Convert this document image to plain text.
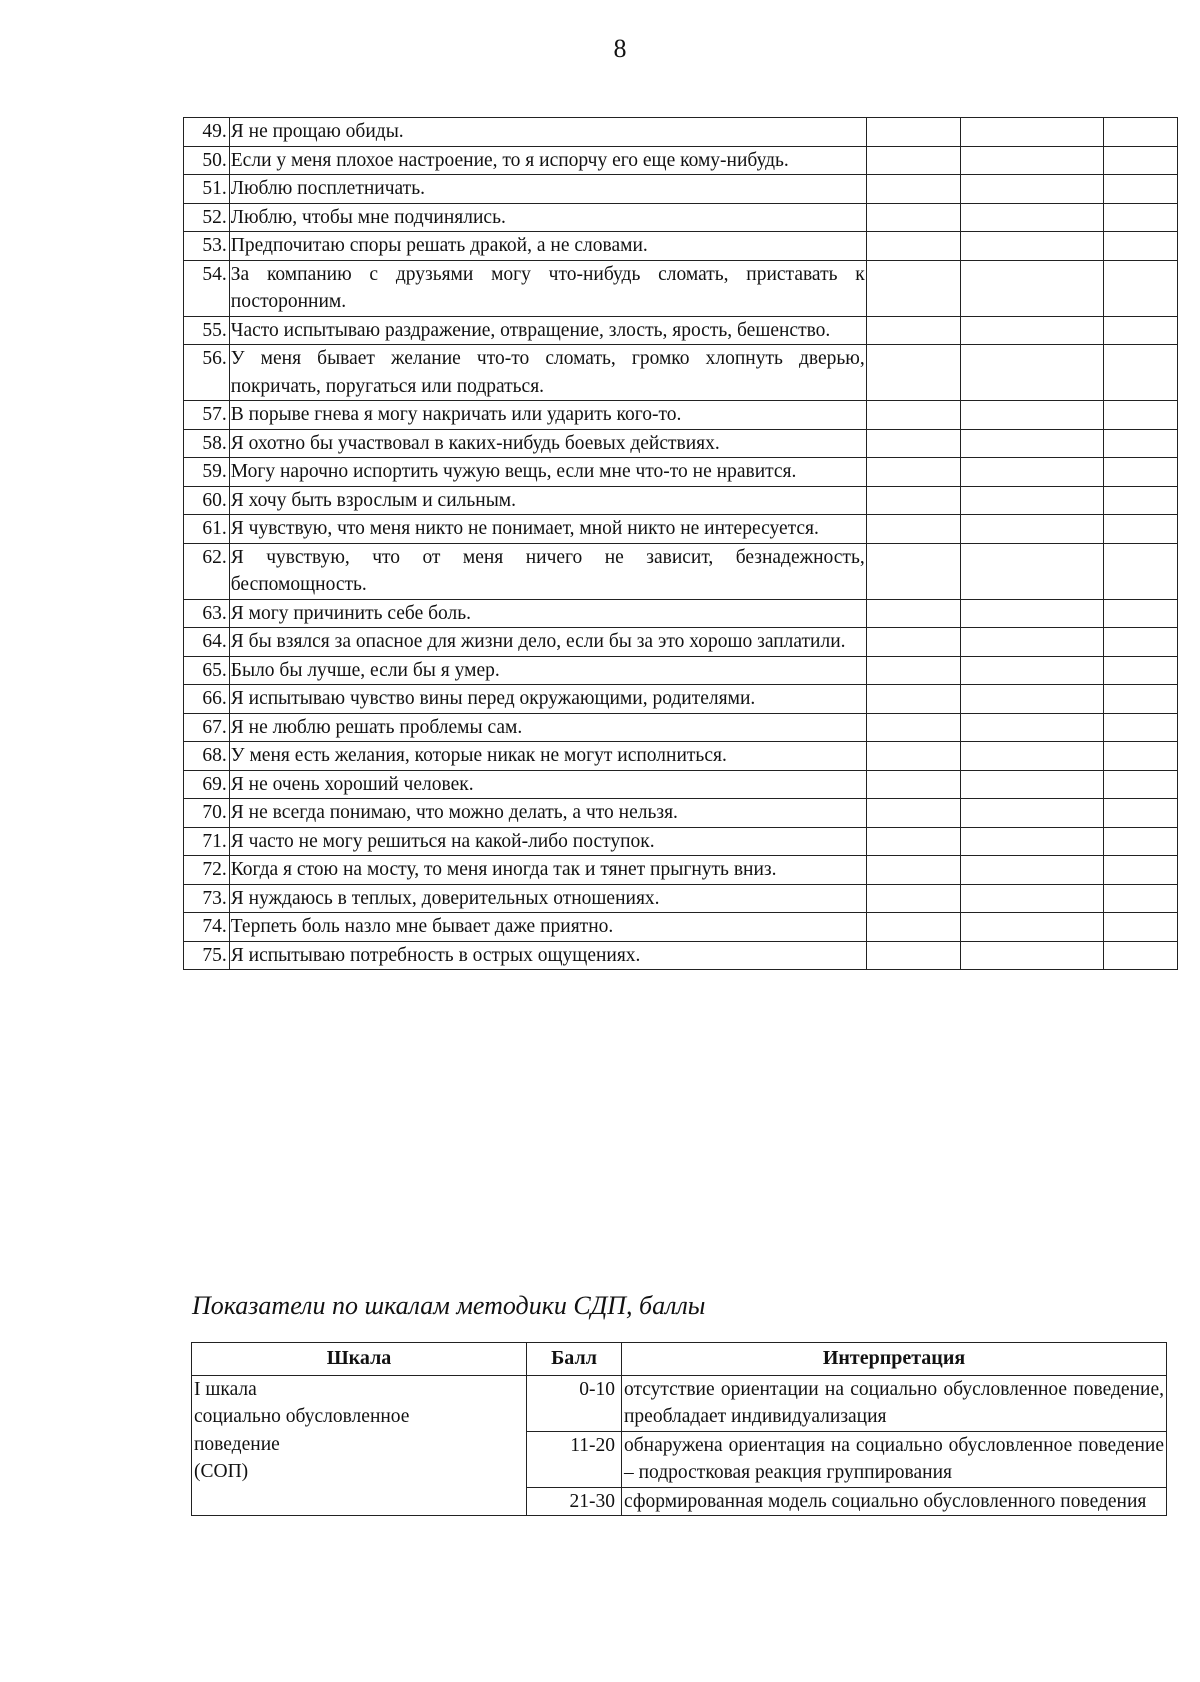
8
49.	Я не прощаю обиды.			
50.	Если у меня плохое настроение, то я испорчу его еще кому-нибудь.			
51.	Люблю посплетничать.			
52.	Люблю, чтобы мне подчинялись.			
53.	Предпочитаю споры решать дракой, а не словами.			
54.	За компанию с друзьями могу что-нибудь сломать, приставать к посторонним.			
55.	Часто испытываю раздражение, отвращение, злость, ярость, бешенство.			
56.	У меня бывает желание что-то сломать, громко хлопнуть дверью, покричать, поругаться или подраться.			
57.	В порыве гнева я могу накричать или ударить кого-то.			
58.	Я охотно бы участвовал в каких-нибудь боевых действиях.			
59.	Могу нарочно испортить чужую вещь, если мне что-то не нравится.			
60.	Я хочу быть взрослым и сильным.			
61.	Я чувствую, что меня никто не понимает, мной никто не интересуется.			
62.	Я чувствую, что от меня ничего не зависит, безнадежность, беспомощность.			
63.	Я могу причинить себе боль.			
64.	Я бы взялся за опасное для жизни дело, если бы за это хорошо заплатили.			
65.	Было бы лучше, если бы я умер.			
66.	Я испытываю чувство вины перед окружающими, родителями.			
67.	Я не люблю решать проблемы сам.			
68.	У меня есть желания, которые никак не могут исполниться.			
69.	Я не очень хороший человек.			
70.	Я не всегда понимаю, что можно делать, а что нельзя.			
71.	Я часто не могу решиться на какой-либо поступок.			
72.	Когда я стою на мосту, то меня иногда так и тянет прыгнуть вниз.			
73.	Я нуждаюсь в теплых, доверительных отношениях.			
74.	Терпеть боль назло мне бывает даже приятно.			
75.	Я испытываю потребность в острых ощущениях.			
Показатели по шкалам методики СДП, баллы
Шкала	Балл	Интерпретация

I шкала
социально обусловленное
поведение
(СОП)	0-10	отсутствие ориентации на социально обусловленное поведение, преобладает индивидуализация
	11-20	обнаружена ориентация на социально обусловленное поведение – подростковая реакция группирования
	21-30	сформированная модель социально обусловленного поведения
